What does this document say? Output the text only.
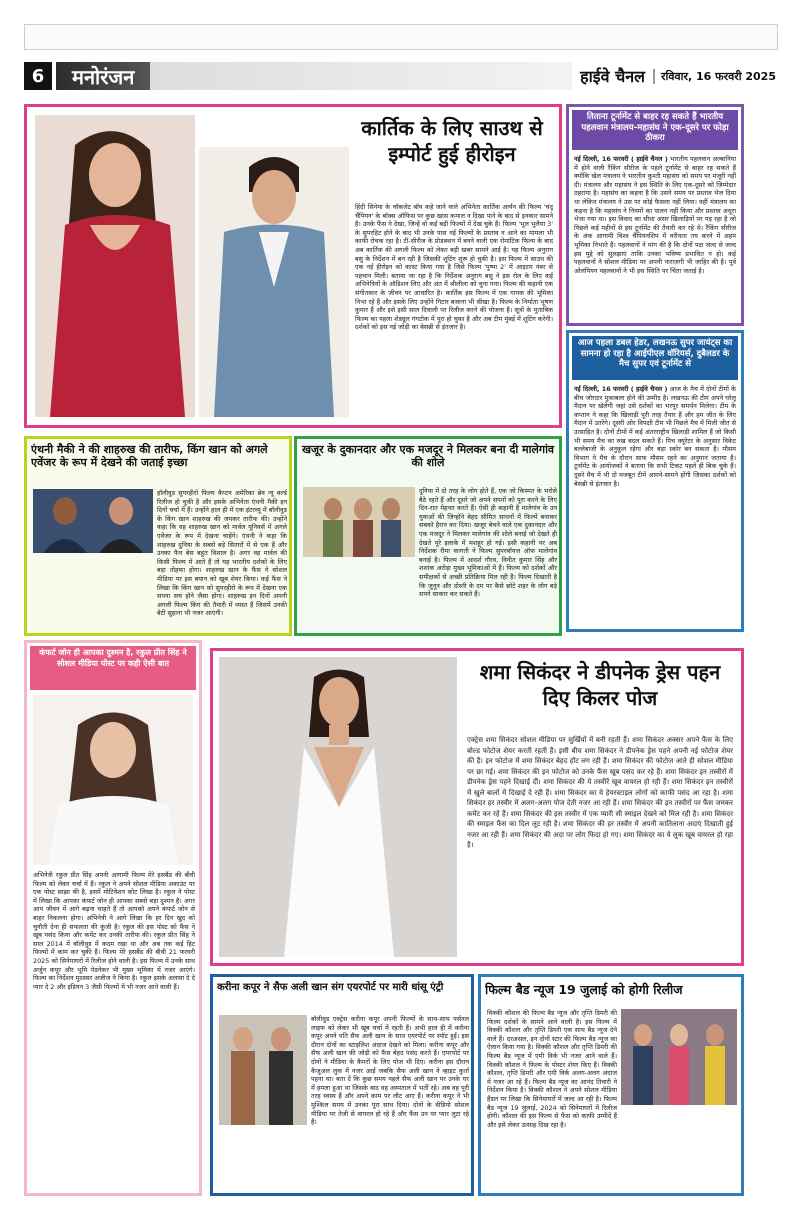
6	मनोरंजन	हाईवे चैनल	रविवार, 16 फरवरी 2025
कार्तिक के लिए साउथ से इम्पोर्ट हुई हीरोइन
हिंदी सिनेमा के चॉकलेट बॉय कहे जाने वाले अभिनेता कार्तिक आर्यन की फिल्म 'चंदू चैंपियन' के बॉक्स ऑफिस पर कुछ खास कमाल न दिखा पाने के बाद से इनकार सामने है। उनके फैंस ने देखा, जिन्हें वो कई बड़ी फिल्मों में देख चुके हैं। फिल्म 'भूल भुलैया 3' के सुपरहिट होने के बाद भी उनके पास नई फिल्मों के प्रस्ताव न आने का मामला भी काफी रोचक रहा है। टी-सीरीज के प्रोडक्शन में बनने वाली एक रोमांटिक फिल्म के बाद अब कार्तिक की अगली फिल्म को लेकर बड़ी खबर सामने आई है। यह फिल्म अनुराग बसु के निर्देशन में बन रही है जिसकी शूटिंग शुरू हो चुकी है। इस फिल्म में साउथ की एक नई हीरोइन को कास्ट किया गया है जिसे फिल्म 'पुष्पा 2' में आइटम नंबर से पहचान मिली। बताया जा रहा है कि निर्देशक अनुराग बसु ने इस रोल के लिए कई अभिनेत्रियों के ऑडिशन लिए और अंत में श्रीलीला को चुना गया। फिल्म की कहानी एक संगीतकार के जीवन पर आधारित है। कार्तिक इस फिल्म में एक गायक की भूमिका निभा रहे हैं और इसके लिए उन्होंने गिटार बजाना भी सीखा है। फिल्म के निर्माता भूषण कुमार हैं और इसे इसी साल दिवाली पर रिलीज करने की योजना है। सूत्रों के मुताबिक फिल्म का पहला शेड्यूल गंगटोक में पूरा हो चुका है और अब टीम मुंबई में शूटिंग करेगी। दर्शकों को इस नई जोड़ी का बेसब्री से इंतजार है।
तिताना टूर्नामेंट से बाहर रह सकते हैं भारतीय पहलवान मंत्रालय-महासंघ ने एक-दूसरे पर फोड़ा ठीकरा
नई दिल्ली, 16 फरवरी ( हाईवे चैनल ) भारतीय पहलवान अल्बानिया में होने वाली रैंकिंग सीरीज के पहले टूर्नामेंट से बाहर रह सकते हैं क्योंकि खेल मंत्रालय ने भारतीय कुश्ती महासंघ को समय पर मंजूरी नहीं दी। मंत्रालय और महासंघ ने इस स्थिति के लिए एक-दूसरे को जिम्मेदार ठहराया है। महासंघ का कहना है कि उसने समय पर प्रस्ताव भेज दिया था लेकिन मंत्रालय ने उस पर कोई फैसला नहीं लिया। वहीं मंत्रालय का कहना है कि महासंघ ने नियमों का पालन नहीं किया और प्रस्ताव अधूरा भेजा गया था। इस विवाद का सीधा असर खिलाड़ियों पर पड़ रहा है जो पिछले कई महीनों से इस टूर्नामेंट की तैयारी कर रहे थे। रैंकिंग सीरीज के अंक आगामी विश्व चैंपियनशिप में वरीयता तय करने में अहम भूमिका निभाते हैं। पहलवानों ने मांग की है कि दोनों पक्ष जल्द से जल्द इस मुद्दे को सुलझाएं ताकि उनका भविष्य प्रभावित न हो। कई पहलवानों ने सोशल मीडिया पर अपनी नाराजगी भी जाहिर की है। पूर्व ओलंपियन पहलवानों ने भी इस स्थिति पर चिंता जताई है।
आज पहला डबल हेडर, लखनऊ सुपर जायंट्स का सामना हो रहा है आईपीएल वॉरियर्स, दुबैलडर के मैच सुपर एवं टूर्नामेंट से
नई दिल्ली, 16 फरवरी ( हाईवे चैनल ) आज के मैच में दोनों टीमों के बीच जोरदार मुकाबला होने की उम्मीद है। लखनऊ की टीम अपने घरेलू मैदान पर खेलेगी जहां उसे दर्शकों का भरपूर समर्थन मिलेगा। टीम के कप्तान ने कहा कि खिलाड़ी पूरी तरह तैयार हैं और हम जीत के लिए मैदान में उतरेंगे। दूसरी ओर विपक्षी टीम भी पिछले मैच में मिली जीत से उत्साहित है। दोनों टीमों में कई अंतरराष्ट्रीय खिलाड़ी शामिल हैं जो किसी भी समय मैच का रुख बदल सकते हैं। पिच क्यूरेटर के अनुसार विकेट बल्लेबाजी के अनुकूल रहेगा और बड़ा स्कोर बन सकता है। मौसम विभाग ने मैच के दौरान साफ मौसम रहने का अनुमान जताया है। टूर्नामेंट के आयोजकों ने बताया कि सभी टिकट पहले ही बिक चुके हैं। दूसरे मैच में भी दो मजबूत टीमें आमने-सामने होंगी जिसका दर्शकों को बेसब्री से इंतजार है।
एंथनी मैकी ने की शाहरुख की तारीफ, किंग खान को अगले एवेंजर के रूप में देखने की जताई इच्छा
हॉलीवुड सुपरहीरो फिल्म कैप्टन अमेरिका ब्रेव न्यू वर्ल्ड रिलीज हो चुकी है और इसके अभिनेता एंथनी मैकी इन दिनों चर्चा में हैं। उन्होंने हाल ही में एक इंटरव्यू में बॉलीवुड के किंग खान शाहरुख की जमकर तारीफ की। उन्होंने कहा कि वह शाहरुख खान को मार्वल यूनिवर्स में अगले एवेंजर के रूप में देखना चाहेंगे। एंथनी ने कहा कि शाहरुख दुनिया के सबसे बड़े सितारों में से एक हैं और उनका फैन बेस बहुत विशाल है। अगर वह मार्वल की किसी फिल्म में आते हैं तो यह भारतीय दर्शकों के लिए बड़ा तोहफा होगा। शाहरुख खान के फैंस ने सोशल मीडिया पर इस बयान को खूब शेयर किया। कई फैंस ने लिखा कि किंग खान को सुपरहीरो के रूप में देखना एक सपना सच होने जैसा होगा। शाहरुख इन दिनों अपनी अगली फिल्म किंग की तैयारी में व्यस्त हैं जिसमें उनकी बेटी सुहाना भी नजर आएंगी।
खजूर के दुकानदार और एक मजदूर ने मिलकर बना दी मालेगांव की शोले
दुनिया में दो तरह के लोग होते हैं, एक जो किस्मत के भरोसे बैठे रहते हैं और दूसरे जो अपने सपनों को पूरा करने के लिए दिन-रात मेहनत करते हैं। ऐसी ही कहानी है मालेगांव के उन युवाओं की जिन्होंने बेहद सीमित साधनों में फिल्में बनाकर सबको हैरान कर दिया। खजूर बेचने वाले एक दुकानदार और एक मजदूर ने मिलकर मालेगांव की शोले बनाई जो देखते ही देखते पूरे इलाके में मशहूर हो गई। इसी कहानी पर अब निर्देशक रीमा कागती ने फिल्म सुपरबॉयज ऑफ मालेगांव बनाई है। फिल्म में आदर्श गौरव, विनीत कुमार सिंह और शशांक अरोड़ा मुख्य भूमिकाओं में हैं। फिल्म को दर्शकों और समीक्षकों से अच्छी प्रतिक्रिया मिल रही है। फिल्म दिखाती है कि जुनून और दोस्ती के दम पर कैसे छोटे शहर के लोग बड़े सपने साकार कर सकते हैं।
कंफर्ट जोन ही आपका दुश्मन है, रकुल प्रीत सिंह ने सोशल मीडिया पोस्ट पर कही ऐसी बात
अभिनेत्री रकुल प्रीत सिंह अपनी आगामी फिल्म मेरे हसबैंड की बीवी फिल्म को लेकर चर्चा में हैं। रकुल ने अपने सोशल मीडिया अकाउंट पर एक पोस्ट साझा की है, इसमें मोटिवेशन कोट लिखा है। रकुल ने पोस्ट में लिखा कि आपका कंफर्ट जोन ही आपका सबसे बड़ा दुश्मन है। अगर आप जीवन में आगे बढ़ना चाहते हैं तो आपको अपने कंफर्ट जोन से बाहर निकलना होगा। अभिनेत्री ने आगे लिखा कि हर दिन खुद को चुनौती देना ही सफलता की कुंजी है। रकुल की इस पोस्ट को फैंस ने खूब पसंद किया और कमेंट कर उनकी तारीफ की। रकुल प्रीत सिंह ने साल 2014 में बॉलीवुड में कदम रखा था और अब तक कई हिट फिल्मों में काम कर चुकी हैं। फिल्म मेरे हसबैंड की बीवी 21 फरवरी 2025 को सिनेमाघरों में रिलीज होने वाली है। इस फिल्म में उनके साथ अर्जुन कपूर और भूमि पेडनेकर भी मुख्य भूमिका में नजर आएंगे। फिल्म का निर्देशन मुदस्सर अजीज ने किया है। रकुल इसके अलावा दे दे प्यार दे 2 और इंडियन 3 जैसी फिल्मों में भी नजर आने वाली हैं।
शमा सिकंदर ने डीपनेक ड्रेस पहन दिए किलर पोज
एक्ट्रेस शमा सिकंदर सोशल मीडिया पर सुर्खियों में बनी रहती हैं। शमा सिकंदर अक्सर अपने फैंस के लिए बोल्ड फोटोज शेयर करती रहती हैं। इसी बीच शमा सिकंदर ने डीपनेक ड्रेस पहने अपनी नई फोटोज शेयर की हैं। इन फोटोज में शमा सिकंदर बेहद हॉट लग रही हैं। शमा सिकंदर की फोटोज आते ही सोशल मीडिया पर छा गई। शमा सिकंदर की इन फोटोज को उनके फैंस खूब पसंद कर रहे हैं। शमा सिकंदर इन तस्वीरों में डीपनेक ड्रेस पहने दिखाई दीं। शमा सिकंदर की ये तस्वीरें खूब वायरल हो रही हैं। शमा सिकंदर इन तस्वीरों में खुले बालों में दिखाई दे रही हैं। शमा सिकंदर का ये हेयरस्टाइल लोगों को काफी पसंद आ रहा है। शमा सिकंदर हर तस्वीर में अलग-अलग पोज देती नजर आ रही हैं। शमा सिकंदर की इन तस्वीरों पर फैंस जमकर कमेंट कर रहे हैं। शमा सिकंदर की इस तस्वीर में एक प्यारी सी स्माइल देखने को मिल रही है। शमा सिकंदर की स्माइल फैंस का दिल लूट रही है। शमा सिकंदर की हर तस्वीर में अपनी कातिलाना अदाएं दिखाती हुई नजर आ रही हैं। शमा सिकंदर की अदा पर लोग फिदा हो गए। शमा सिकंदर का ये लुक खूब वायरल हो रहा है।
करीना कपूर ने सैफ अली खान संग एयरपोर्ट पर मारी धांसू एंट्री
बॉलीवुड एक्ट्रेस करीना कपूर अपनी फिल्मों के साथ-साथ पर्सनल लाइफ को लेकर भी खूब चर्चा में रहती हैं। अभी हाल ही में करीना कपूर अपने पति सैफ अली खान के साथ एयरपोर्ट पर स्पॉट हुईं। इस दौरान दोनों का स्टाइलिश अंदाज देखने को मिला। करीना कपूर और सैफ अली खान की जोड़ी को फैंस बेहद पसंद करते हैं। एयरपोर्ट पर दोनों ने मीडिया के कैमरों के लिए पोज भी दिए। करीना इस दौरान कैजुअल लुक में नजर आईं जबकि सैफ अली खान ने व्हाइट कुर्ता पहना था। बता दें कि कुछ समय पहले सैफ अली खान पर उनके घर में हमला हुआ था जिसके बाद वह अस्पताल में भर्ती रहे। अब वह पूरी तरह स्वस्थ हैं और अपने काम पर लौट आए हैं। करीना कपूर ने भी मुश्किल समय में उनका पूरा साथ दिया। दोनों के वीडियो सोशल मीडिया पर तेजी से वायरल हो रहे हैं और फैंस उन पर प्यार लुटा रहे हैं।
फिल्म बैड न्यूज 19 जुलाई को होगी रिलीज
विक्की कौशल की फिल्म बैड न्यूज और तृप्ति डिमरी की फिल्म दर्शकों के सामने आने वाली है। इस फिल्म में विक्की कौशल और तृप्ति डिमरी एक साथ बैड न्यूज देने वाले हैं। दरअसल, इन दोनों स्टार की फिल्म बैड न्यूज का ऐलान किया गया है। विक्की कौशल और तृप्ति डिमरी की फिल्म बैड न्यूज में एमी विर्क भी नजर आने वाले हैं। विक्की कौशल ने फिल्म के पोस्टर शेयर किए हैं। विक्की कौशल, तृप्ति डिमरी और एमी विर्क अलग-अलग अंदाज में नजर आ रहे हैं। फिल्म बैड न्यूज का आनंद तिवारी ने निर्देशन किया है। विक्की कौशल ने अपने सोशल मीडिया हैंडल पर लिखा कि सिनेमाघरों में जल्द आ रही है। फिल्म बैड न्यूज 19 जुलाई, 2024 को सिनेमाघरों में रिलीज होगी। कौशल की इस फिल्म से फैंस को काफी उम्मीदें हैं और इसे लेकर उत्साह दिख रहा है।
